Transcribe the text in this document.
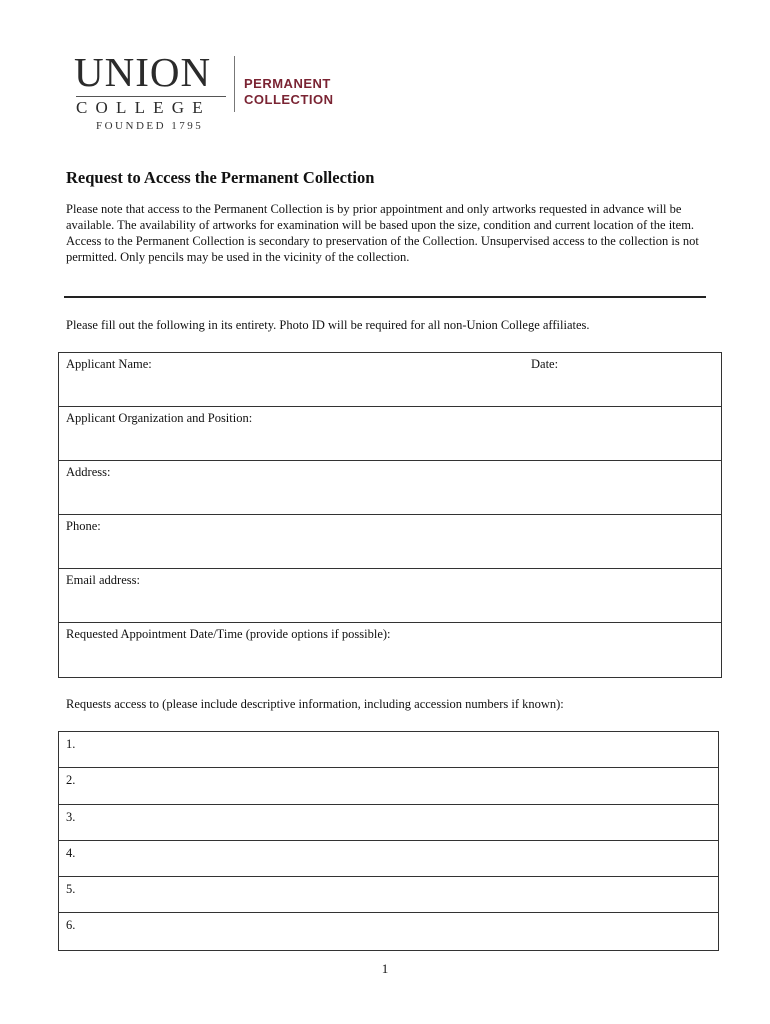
UNION
COLLEGE
FOUNDED 1795
PERMANENT
COLLECTION
Request to Access the Permanent Collection
Please note that access to the Permanent Collection is by prior appointment and only artworks requested in advance will be available. The availability of artworks for examination will be based upon the size, condition and current location of the item. Access to the Permanent Collection is secondary to preservation of the Collection. Unsupervised access to the collection is not permitted. Only pencils may be used in the vicinity of the collection.
Please fill out the following in its entirety. Photo ID will be required for all non-Union College affiliates.
Applicant Name:	Date:
Applicant Organization and Position:
Address:
Phone:
Email address:
Requested Appointment Date/Time (provide options if possible):
Requests access to (please include descriptive information, including accession numbers if known):
1.
2.
3.
4.
5.
6.
1
